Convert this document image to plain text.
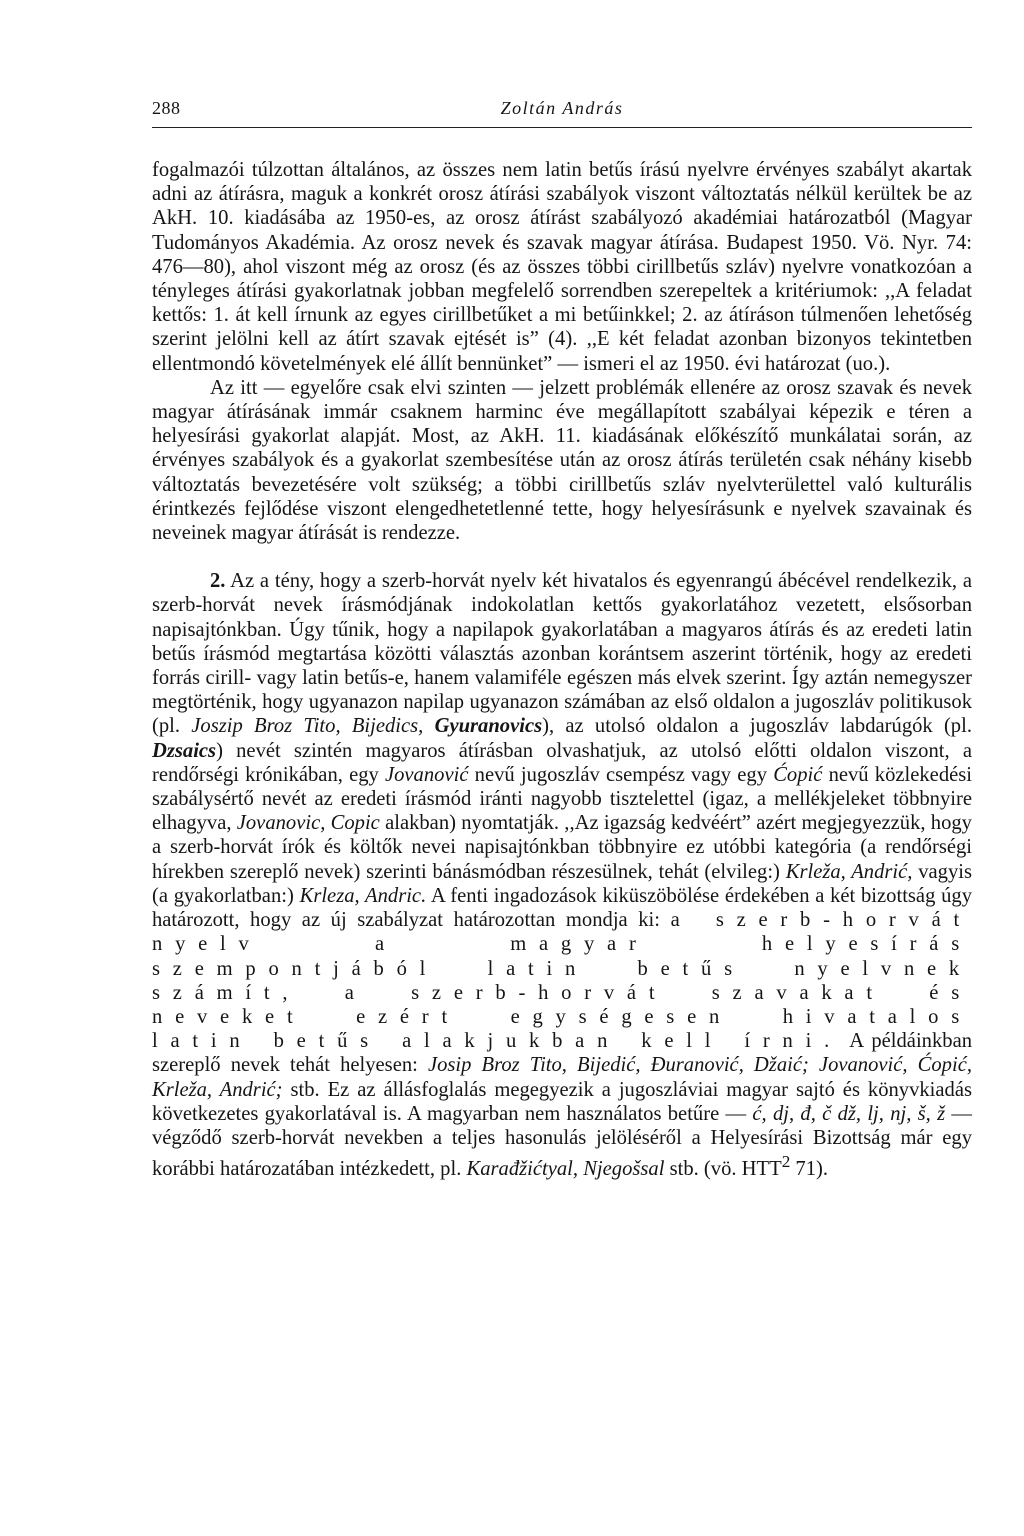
288	Zoltán András

fogalmazói túlzottan általános, az összes nem latin betűs írású nyelvre érvényes szabályt akartak adni az átírásra, maguk a konkrét orosz átírási szabályok viszont változtatás nélkül kerültek be az AkH. 10. kiadásába az 1950-es, az orosz átírást szabályozó akadémiai határozatból (Magyar Tudományos Akadémia. Az orosz nevek és szavak magyar átírása. Budapest 1950. Vö. Nyr. 74: 476—80), ahol viszont még az orosz (és az összes többi cirillbetűs szláv) nyelvre vonatkozóan a tényleges átírási gyakorlatnak jobban megfelelő sorrendben szerepeltek a kritériumok: ,,A feladat kettős: 1. át kell írnunk az egyes cirillbetűket a mi betűinkkel; 2. az átíráson túlmenően lehetőség szerint jelölni kell az átírt szavak ejtését is” (4). ,,E két feladat azonban bizonyos tekintetben ellentmondó követelmények elé állít bennünket” — ismeri el az 1950. évi határozat (uo.).

Az itt — egyelőre csak elvi szinten — jelzett problémák ellenére az orosz szavak és nevek magyar átírásának immár csaknem harminc éve megállapított szabályai képezik e téren a helyesírási gyakorlat alapját. Most, az AkH. 11. kiadásának előkészítő munkálatai során, az érvényes szabályok és a gyakorlat szembesítése után az orosz átírás területén csak néhány kisebb változtatás bevezetésére volt szükség; a többi cirillbetűs szláv nyelvterülettel való kulturális érintkezés fejlődése viszont elengedhetetlenné tette, hogy helyesírásunk e nyelvek szavainak és neveinek magyar átírását is rendezze.

2. Az a tény, hogy a szerb-horvát nyelv két hivatalos és egyenrangú ábécével rendelkezik, a szerb-horvát nevek írásmódjának indokolatlan kettős gyakorlatához vezetett, elsősorban napisajtónkban. Úgy tűnik, hogy a napilapok gyakorlatában a magyaros átírás és az eredeti latin betűs írásmód megtartása közötti választás azonban korántsem aszerint történik, hogy az eredeti forrás cirill- vagy latin betűs-e, hanem valamiféle egészen más elvek szerint. Így aztán nemegyszer megtörténik, hogy ugyanazon napilap ugyanazon számában az első oldalon a jugoszláv politikusok (pl. Joszip Broz Tito, Bijedics, Gyuranovics), az utolsó oldalon a jugoszláv labdarúgók (pl. Dzsaics) nevét szintén magyaros átírásban olvashatjuk, az utolsó előtti oldalon viszont, a rendőrségi krónikában, egy Jovanović nevű jugoszláv csempész vagy egy Ćopić nevű közlekedési szabálysértő nevét az eredeti írásmód iránti nagyobb tisztelettel (igaz, a mellékjeleket többnyire elhagyva, Jovanovic, Copic alakban) nyomtatják. ,,Az igazság kedvéért” azért megjegyezzük, hogy a szerb-horvát írók és költők nevei napisajtónkban többnyire ez utóbbi kategória (a rendőrségi hírekben szereplő nevek) szerinti bánásmódban részesülnek, tehát (elvileg:) Krleža, Andrić, vagyis (a gyakorlatban:) Krleza, Andric. A fenti ingadozások kiküszöbölése érdekében a két bizottság úgy határozott, hogy az új szabályzat határozottan mondja ki: a szerb-horvát nyelv a magyar helyesírás szempontjából latin betűs nyelvnek számít, a szerb-horvát szavakat és neveket ezért egységesen hivatalos latin betűs alakjukban kell írni. A példáinkban szereplő nevek tehát helyesen: Josip Broz Tito, Bijedić, Đuranović, Džaić; Jovanović, Ćopić, Krleža, Andrić; stb. Ez az állásfoglalás megegyezik a jugoszláviai magyar sajtó és könyvkiadás következetes gyakorlatával is. A magyarban nem használatos betűre — ć, dj, đ, č dž, lj, nj, š, ž — végződő szerb-horvát nevekben a teljes hasonulás jelöléséről a Helyesírási Bizottság már egy korábbi határozatában intézkedett, pl. Karađžićtyal, Njegošsal stb. (vö. HTT$^2$ 71).
